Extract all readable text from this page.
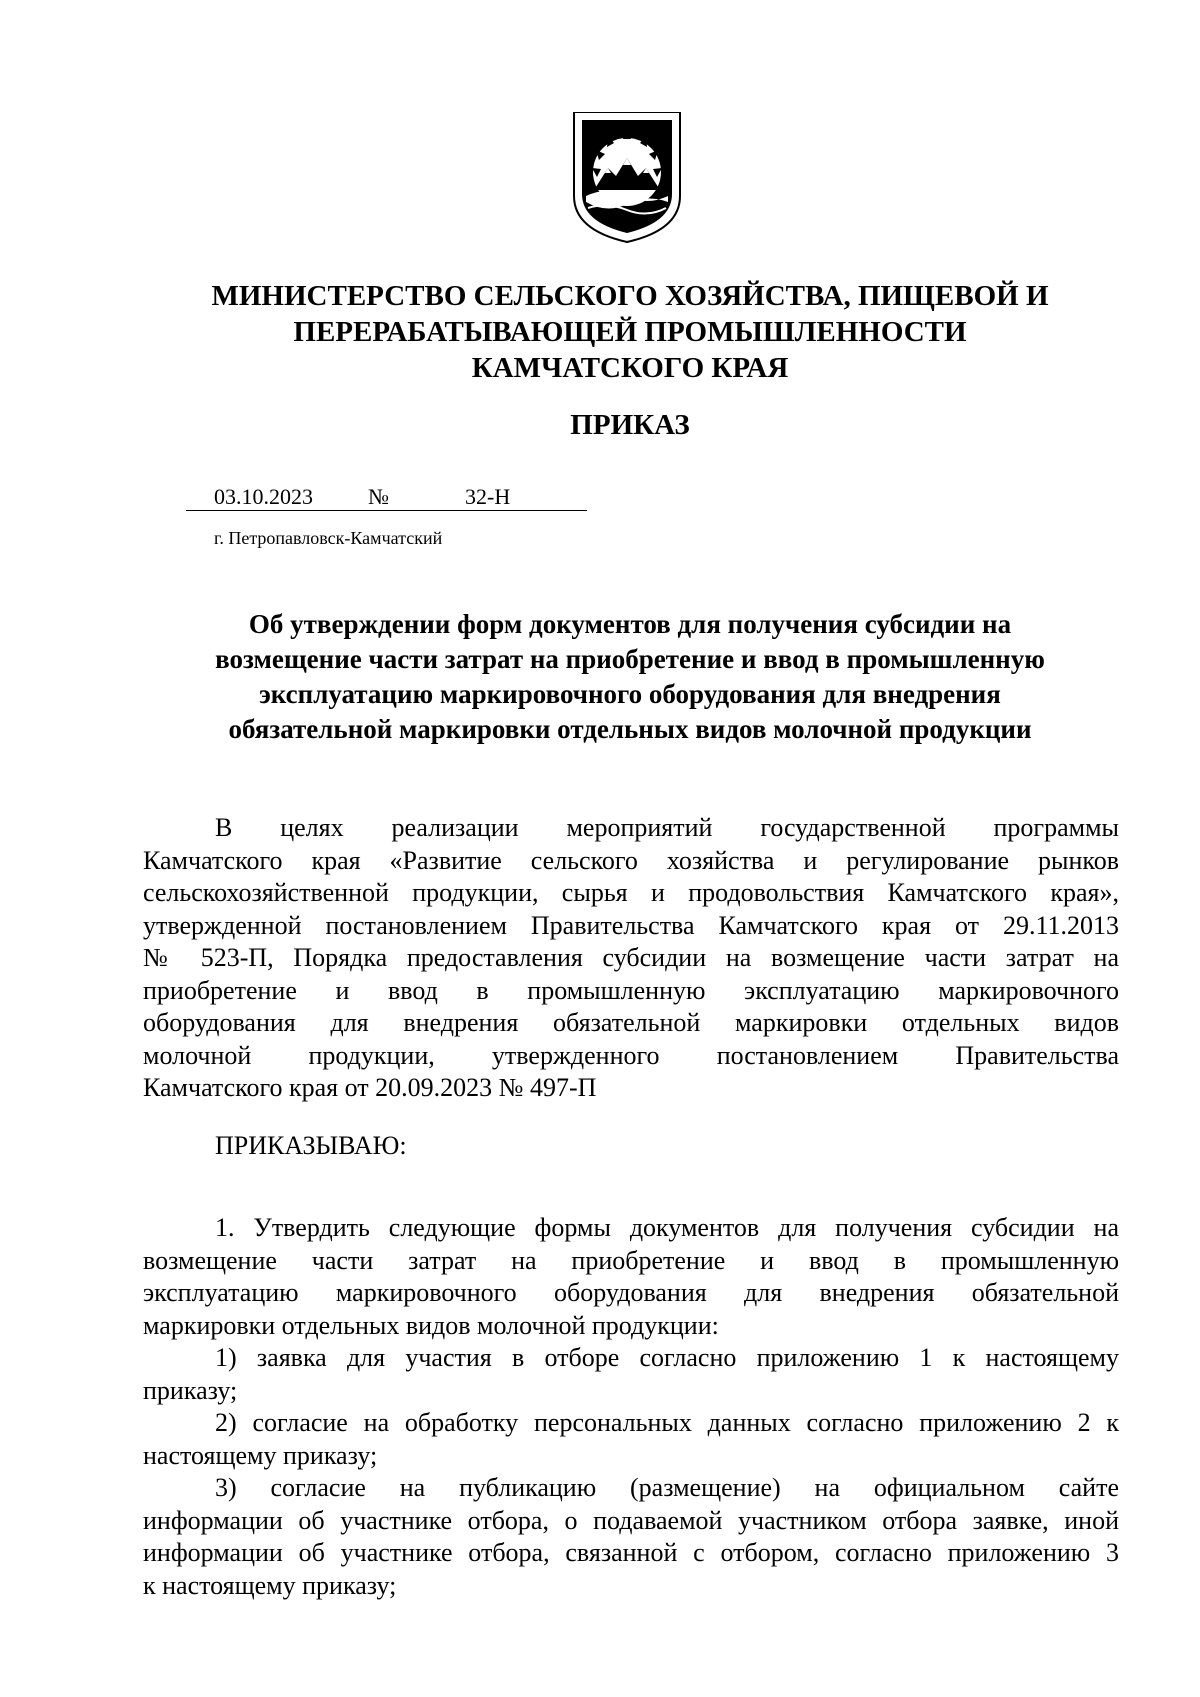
МИНИСТЕРСТВО СЕЛЬСКОГО ХОЗЯЙСТВА, ПИЩЕВОЙ И
ПЕРЕРАБАТЫВАЮЩЕЙ ПРОМЫШЛЕННОСТИ
КАМЧАТСКОГО КРАЯ
ПРИКАЗ
03.10.2023	№	32-Н
г. Петропавловск-Камчатский
Об утверждении форм документов для получения субсидии на
возмещение части затрат на приобретение и ввод в промышленную
эксплуатацию маркировочного оборудования для внедрения
обязательной маркировки отдельных видов молочной продукции
В целях реализации мероприятий государственной программы
Камчатского края «Развитие сельского хозяйства и регулирование рынков
сельскохозяйственной продукции, сырья и продовольствия Камчатского края»,
утвержденной постановлением Правительства Камчатского края от 29.11.2013
№ 523-П, Порядка предоставления субсидии на возмещение части затрат на
приобретение и ввод в промышленную эксплуатацию маркировочного
оборудования для внедрения обязательной маркировки отдельных видов
молочной продукции, утвержденного постановлением Правительства
Камчатского края от 20.09.2023 № 497-П
ПРИКАЗЫВАЮ:
1. Утвердить следующие формы документов для получения субсидии на
возмещение части затрат на приобретение и ввод в промышленную
эксплуатацию маркировочного оборудования для внедрения обязательной
маркировки отдельных видов молочной продукции:
1) заявка для участия в отборе согласно приложению 1 к настоящему
приказу;
2) согласие на обработку персональных данных согласно приложению 2 к
настоящему приказу;
3) согласие на публикацию (размещение) на официальном сайте
информации об участнике отбора, о подаваемой участником отбора заявке, иной
информации об участнике отбора, связанной с отбором, согласно приложению 3
к настоящему приказу;
